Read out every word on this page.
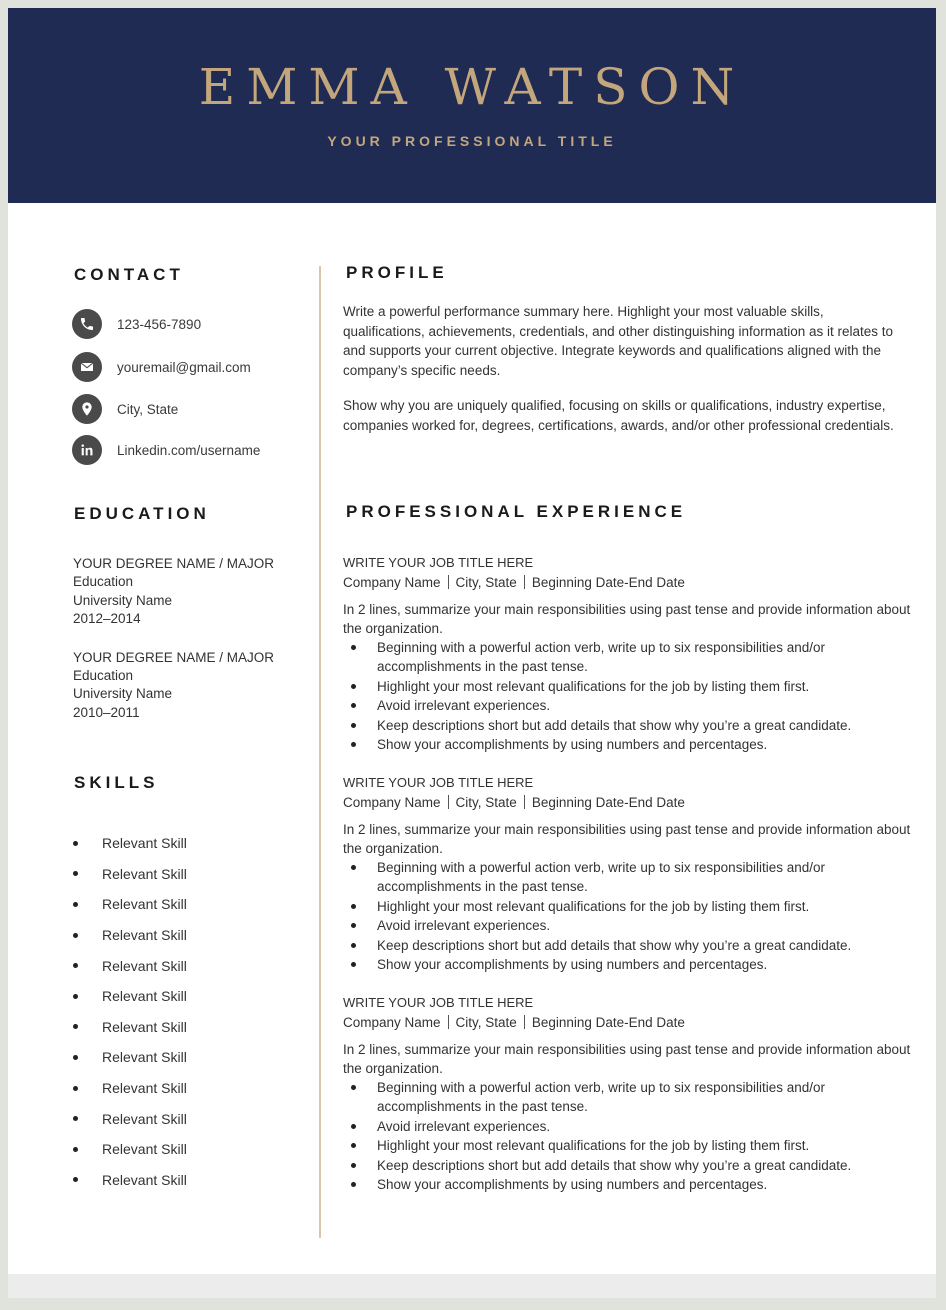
EMMA WATSON
YOUR PROFESSIONAL TITLE
CONTACT
123-456-7890
youremail@gmail.com
City, State
Linkedin.com/username
EDUCATION
YOUR DEGREE NAME / MAJOR
Education
University Name
2012–2014
YOUR DEGREE NAME / MAJOR
Education
University Name
2010–2011
SKILLS
Relevant Skill
Relevant Skill
Relevant Skill
Relevant Skill
Relevant Skill
Relevant Skill
Relevant Skill
Relevant Skill
Relevant Skill
Relevant Skill
Relevant Skill
Relevant Skill
PROFILE
Write a powerful performance summary here. Highlight your most valuable skills, qualifications, achievements, credentials, and other distinguishing information as it relates to and supports your current objective. Integrate keywords and qualifications aligned with the company’s specific needs.
Show why you are uniquely qualified, focusing on skills or qualifications, industry expertise, companies worked for, degrees, certifications, awards, and/or other professional credentials.
PROFESSIONAL EXPERIENCE
WRITE YOUR JOB TITLE HERE
Company Name City, State Beginning Date-End Date
In 2 lines, summarize your main responsibilities using past tense and provide information about the organization.
Beginning with a powerful action verb, write up to six responsibilities and/or accomplishments in the past tense.
Highlight your most relevant qualifications for the job by listing them first.
Avoid irrelevant experiences.
Keep descriptions short but add details that show why you’re a great candidate.
Show your accomplishments by using numbers and percentages.
WRITE YOUR JOB TITLE HERE
Company Name City, State Beginning Date-End Date
In 2 lines, summarize your main responsibilities using past tense and provide information about the organization.
Beginning with a powerful action verb, write up to six responsibilities and/or accomplishments in the past tense.
Highlight your most relevant qualifications for the job by listing them first.
Avoid irrelevant experiences.
Keep descriptions short but add details that show why you’re a great candidate.
Show your accomplishments by using numbers and percentages.
WRITE YOUR JOB TITLE HERE
Company Name City, State Beginning Date-End Date
In 2 lines, summarize your main responsibilities using past tense and provide information about the organization.
Beginning with a powerful action verb, write up to six responsibilities and/or accomplishments in the past tense.
Avoid irrelevant experiences.
Highlight your most relevant qualifications for the job by listing them first.
Keep descriptions short but add details that show why you’re a great candidate.
Show your accomplishments by using numbers and percentages.
